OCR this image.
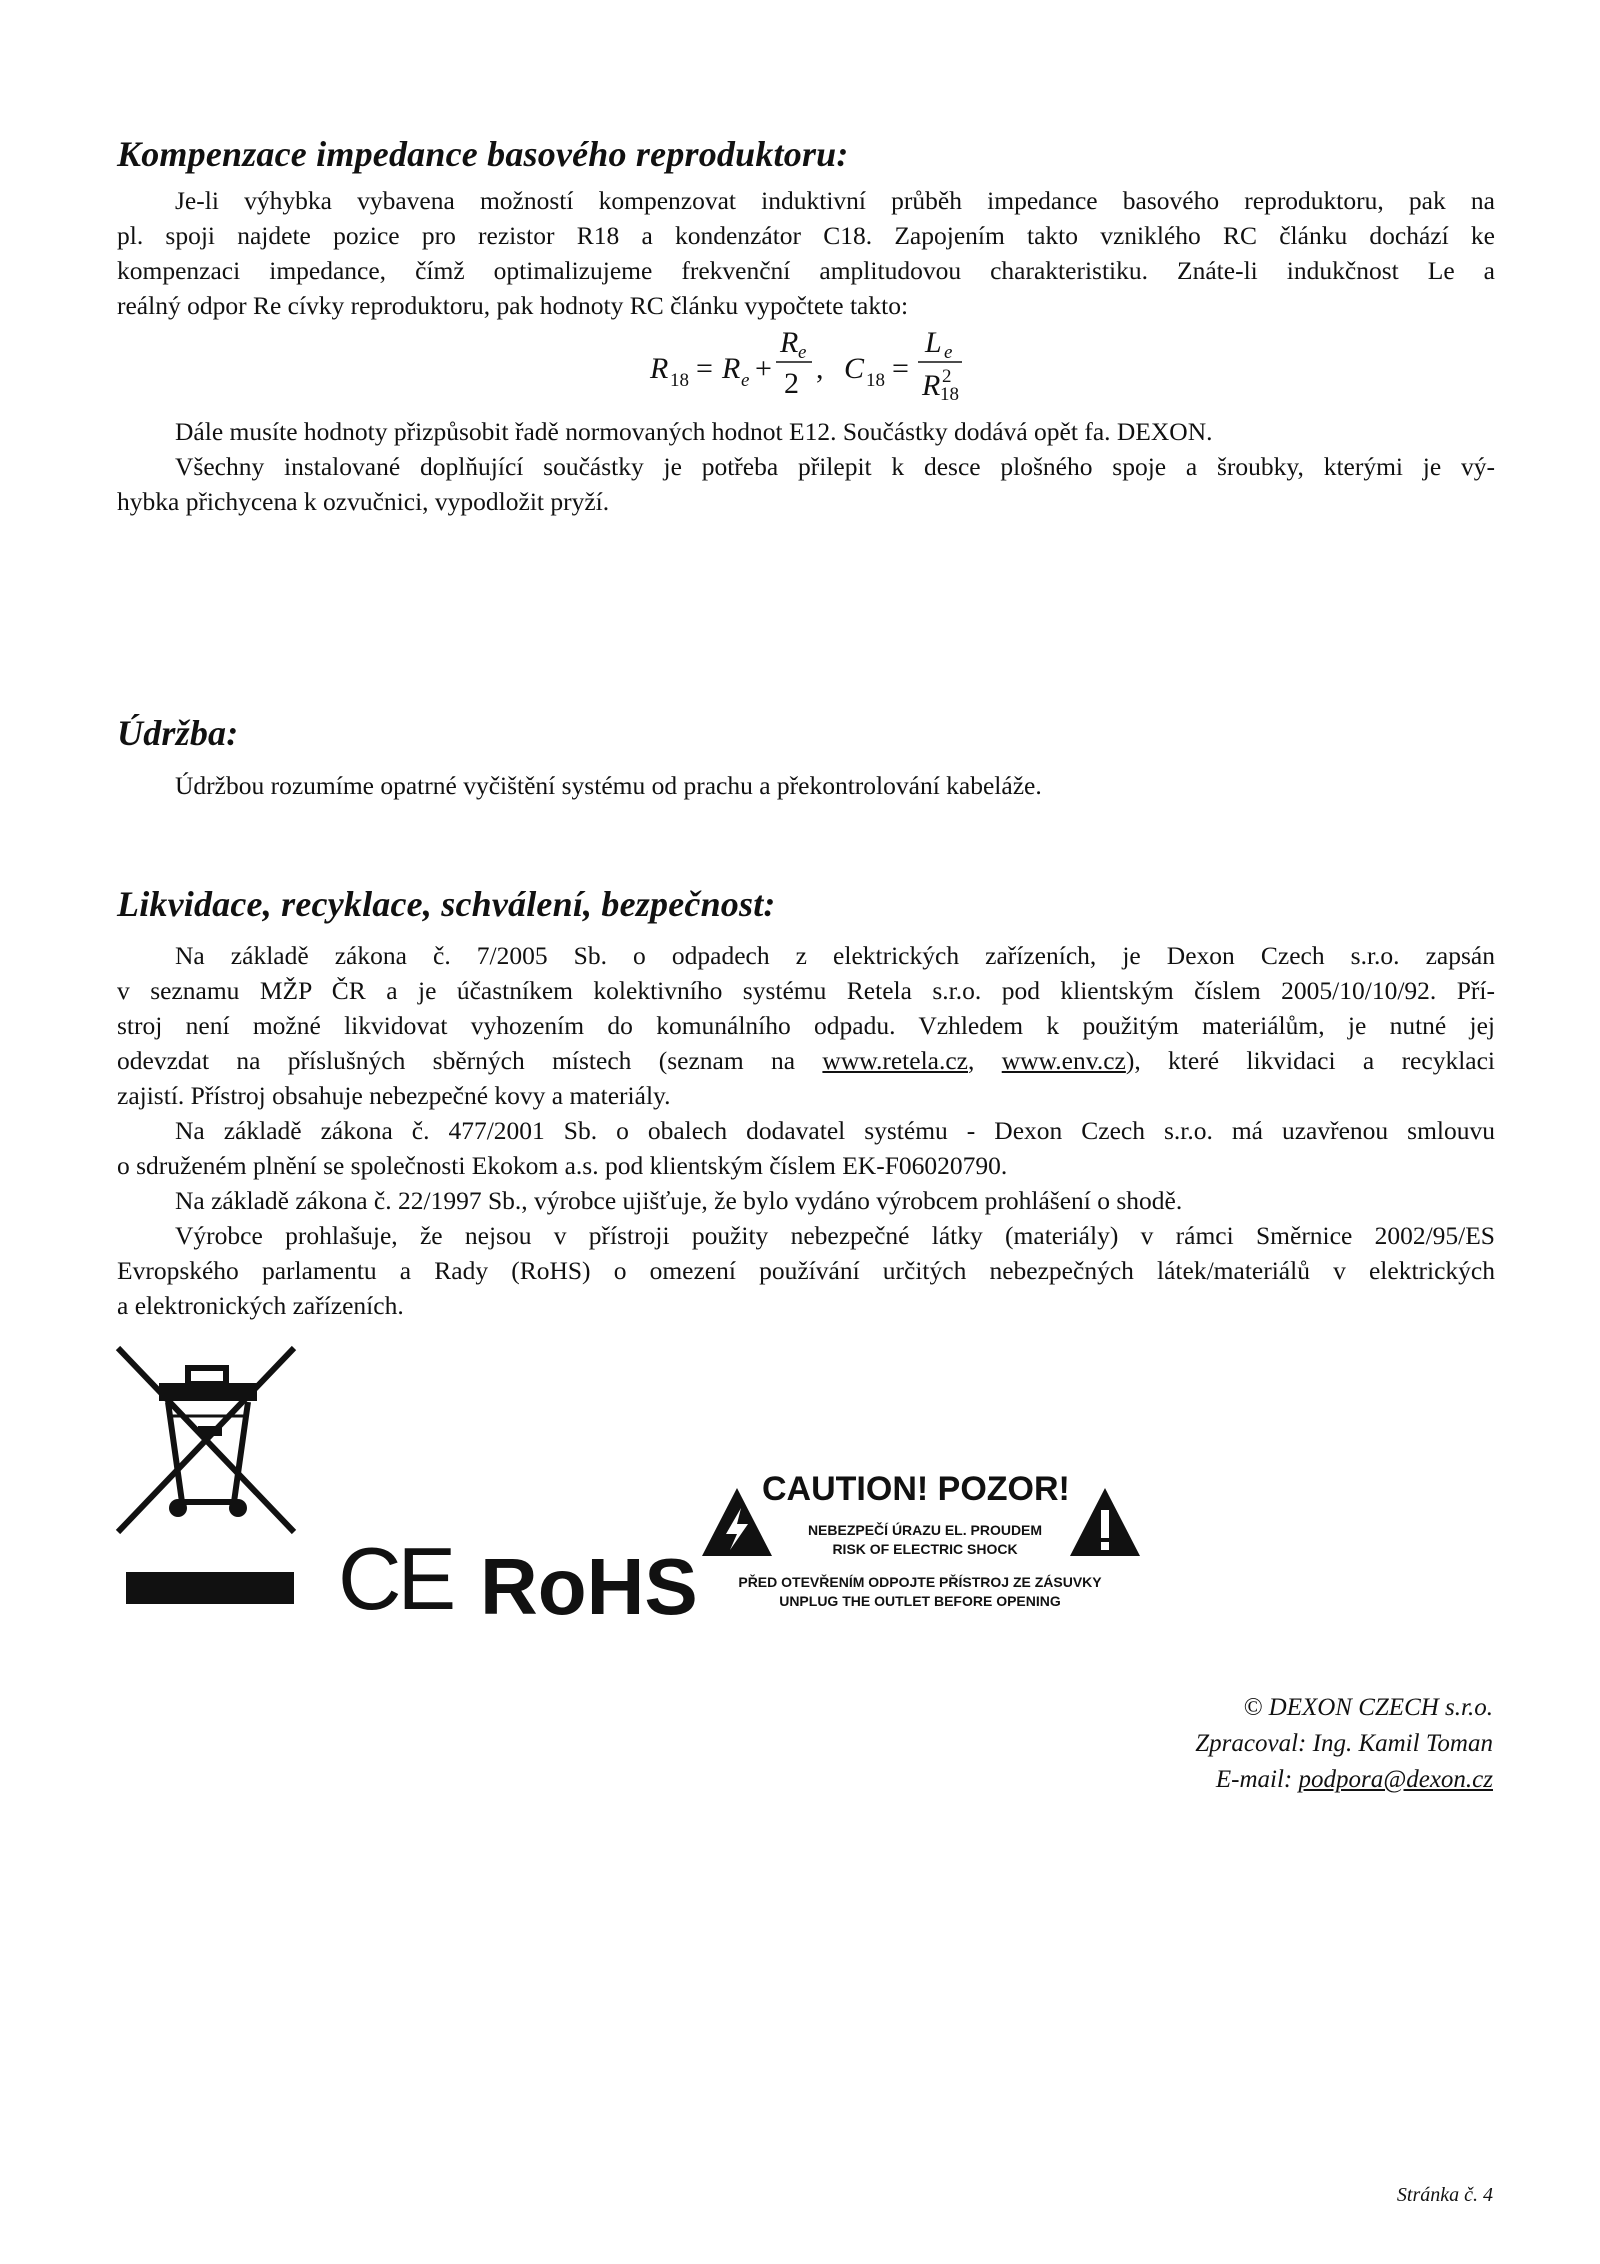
Kompenzace impedance basového reproduktoru:
Je-li výhybka vybavena možností kompenzovat induktivní průběh impedance basového reproduktoru, pak na
pl. spoji najdete pozice pro rezistor R18 a kondenzátor C18. Zapojením takto vzniklého RC článku dochází ke
kompenzaci impedance, čímž optimalizujeme frekvenční amplitudovou charakteristiku. Znáte-li indukčnost Le a
reálný odpor Re cívky reproduktoru, pak hodnoty RC článku vypočtete takto:
R 18 = R e +
R e
2 , C 18 =
L e
R 2
18
Dále musíte hodnoty přizpůsobit řadě normovaných hodnot E12. Součástky dodává opět fa. DEXON.
Všechny instalované doplňující součástky je potřeba přilepit k desce plošného spoje a šroubky, kterými je vý-
hybka přichycena k ozvučnici, vypodložit pryží.
Údržba:
Údržbou rozumíme opatrné vyčištění systému od prachu a překontrolování kabeláže.
Likvidace, recyklace, schválení, bezpečnost:
Na základě zákona č. 7/2005 Sb. o odpadech z elektrických zařízeních, je Dexon Czech s.r.o. zapsán
v seznamu MŽP ČR a je účastníkem kolektivního systému Retela s.r.o. pod klientským číslem 2005/10/10/92. Pří-
stroj není možné likvidovat vyhozením do komunálního odpadu. Vzhledem k použitým materiálům, je nutné jej
odevzdat na příslušných sběrných místech (seznam na www.retela.cz, www.env.cz), které likvidaci a recyklaci
zajistí. Přístroj obsahuje nebezpečné kovy a materiály.
Na základě zákona č. 477/2001 Sb. o obalech dodavatel systému - Dexon Czech s.r.o. má uzavřenou smlouvu
o sdruženém plnění se společnosti Ekokom a.s. pod klientským číslem EK-F06020790.
Na základě zákona č. 22/1997 Sb., výrobce ujišťuje, že bylo vydáno výrobcem prohlášení o shodě.
Výrobce prohlašuje, že nejsou v přístroji použity nebezpečné látky (materiály) v rámci Směrnice 2002/95/ES
Evropského parlamentu a Rady (RoHS) o omezení používání určitých nebezpečných látek/materiálů v elektrických
a elektronických zařízeních.
CE RoHS
CAUTION! POZOR!
NEBEZPEČÍ ÚRAZU EL. PROUDEM
RISK OF ELECTRIC SHOCK
PŘED OTEVŘENÍM ODPOJTE PŘÍSTROJ ZE ZÁSUVKY
UNPLUG THE OUTLET BEFORE OPENING
© DEXON CZECH s.r.o.
Zpracoval: Ing. Kamil Toman
E-mail: podpora@dexon.cz
Stránka č. 4
